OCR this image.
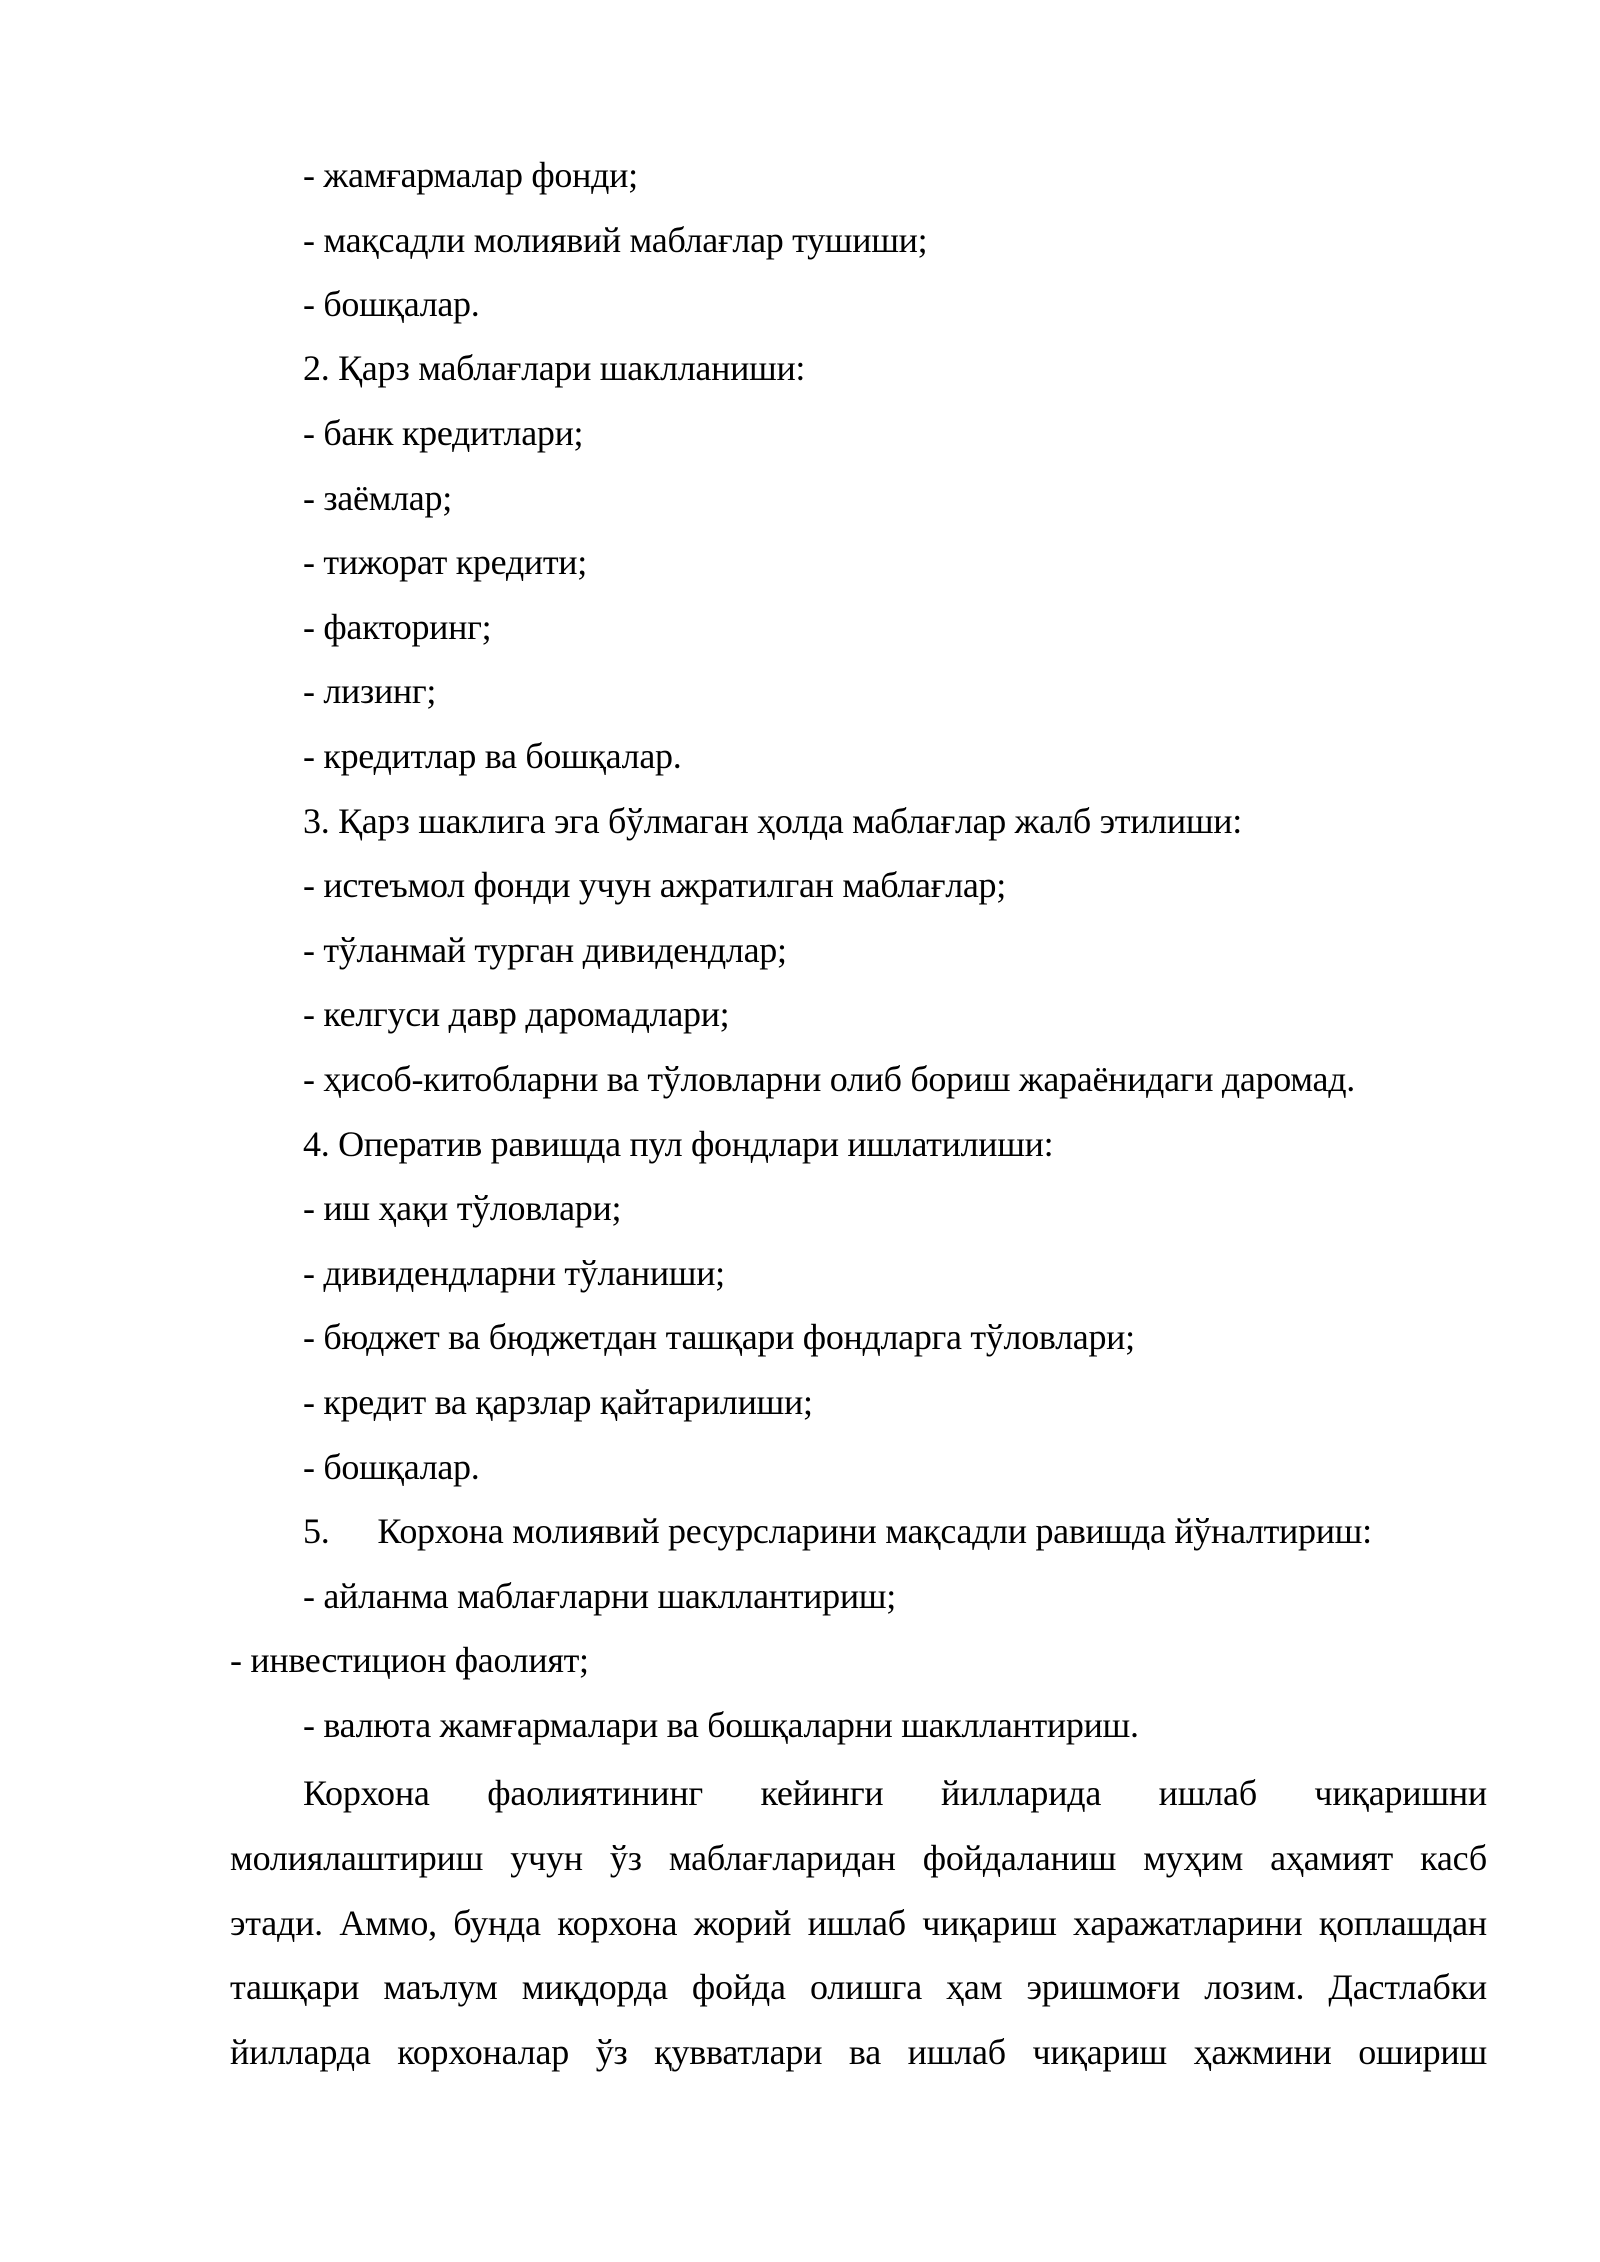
- жамғармалар фонди;
- мақсадли молиявий маблағлар тушиши;
- бошқалар.
2. Қарз маблағлари шаклланиши:
- банк кредитлари;
- заёмлар;
- тижорат кредити;
- факторинг;
- лизинг;
- кредитлар ва бошқалар.
3. Қарз шаклига эга бўлмаган ҳолда маблағлар жалб этилиши:
- истеъмол фонди учун ажратилган маблағлар;
- тўланмай турган дивидендлар;
- келгуси давр даромадлари;
- ҳисоб-китобларни ва тўловларни олиб бориш жараёнидаги даромад.
4. Оператив равишда пул фондлари ишлатилиши:
- иш ҳақи тўловлари;
- дивидендларни тўланиши;
- бюджет ва бюджетдан ташқари фондларга тўловлари;
- кредит ва қарзлар қайтарилиши;
- бошқалар.
5. Корхона молиявий ресурсларини мақсадли равишда йўналтириш:
- айланма маблағларни шакллантириш;
- инвестицион фаолият;
- валюта жамғармалари ва бошқаларни шакллантириш.
Корхона фаолиятининг кейинги йилларида ишлаб чиқаришни
молиялаштириш учун ўз маблағларидан фойдаланиш муҳим аҳамият касб
этади. Аммо, бунда корхона жорий ишлаб чиқариш харажатларини қоплашдан
ташқари маълум миқдорда фойда олишга ҳам эришмоғи лозим. Дастлабки
йилларда корхоналар ўз қувватлари ва ишлаб чиқариш ҳажмини ошириш
